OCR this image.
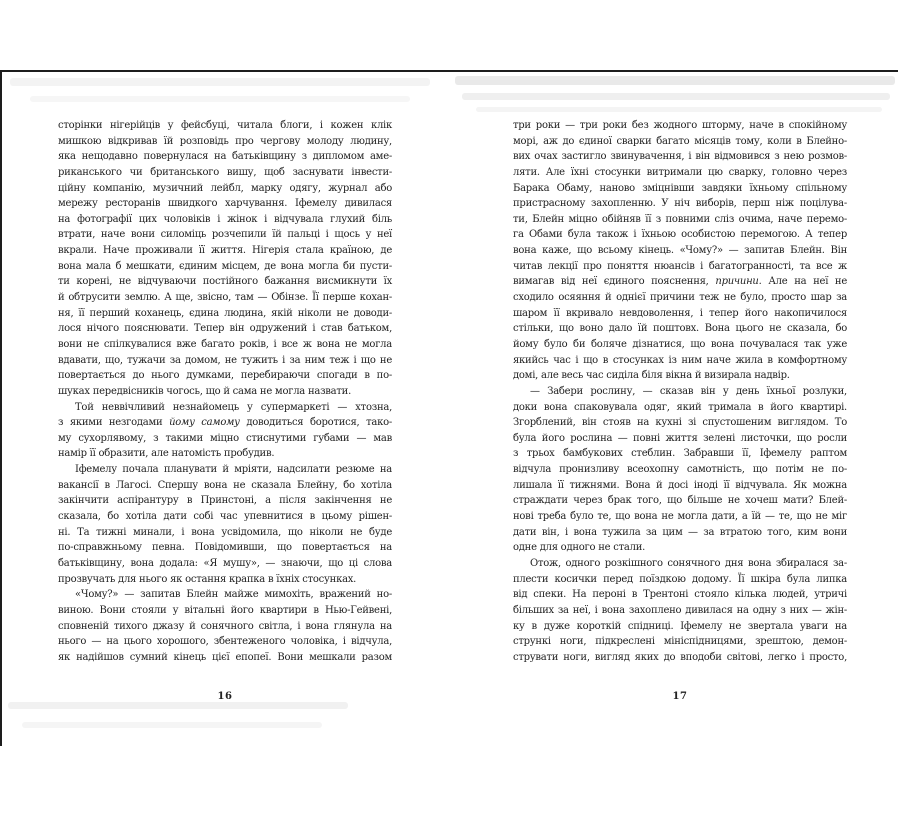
сторінки нігерійців у фейсбуці, читала блоги, і кожен клік
мишкою відкривав їй розповідь про чергову молоду людину,
яка нещодавно повернулася на батьківщину з дипломом аме-
риканського чи британського вишу, щоб заснувати інвести-
ційну компанію, музичний лейбл, марку одягу, журнал або
мережу ресторанів швидкого харчування. Іфемелу дивилася
на фотографії цих чоловіків і жінок і відчувала глухий біль
втрати, наче вони силоміць розчепили їй пальці і щось у неї
вкрали. Наче проживали її життя. Нігерія стала країною, де
вона мала б мешкати, єдиним місцем, де вона могла би пусти-
ти корені, не відчуваючи постійного бажання висмикнути їх
й обтрусити землю. А ще, звісно, там — Обінзе. Її перше кохан-
ня, її перший коханець, єдина людина, якій ніколи не доводи-
лося нічого пояснювати. Тепер він одружений і став батьком,
вони не спілкувалися вже багато років, і все ж вона не могла
вдавати, що, тужачи за домом, не тужить і за ним теж і що не
повертається до нього думками, перебираючи спогади в по-
шуках передвісників чогось, що й сама не могла назвати.
Той неввічливий незнайомець у супермаркеті — хтозна,
з якими незгодами йому самому доводиться боротися, тако-
му сухорлявому, з такими міцно стиснутими губами — мав
намір її образити, але натомість пробудив.
Іфемелу почала планувати й мріяти, надсилати резюме на
вакансії в Лагосі. Спершу вона не сказала Блейну, бо хотіла
закінчити аспірантуру в Принстоні, а після закінчення не
сказала, бо хотіла дати собі час упевнитися в цьому рішен-
ні. Та тижні минали, і вона усвідомила, що ніколи не буде
по-справжньому певна. Повідомивши, що повертається на
батьківщину, вона додала: «Я мушу», — знаючи, що ці слова
прозвучать для нього як остання крапка в їхніх стосунках.
«Чому?» — запитав Блейн майже мимохіть, вражений но-
виною. Вони стояли у вітальні його квартири в Нью-Гейвені,
сповненій тихого джазу й сонячного світла, і вона глянула на
нього — на цього хорошого, збентеженого чоловіка, і відчула,
як надійшов сумний кінець цієї епопеї. Вони мешкали разом
три роки — три роки без жодного шторму, наче в спокійному
морі, аж до єдиної сварки багато місяців тому, коли в Блейно-
вих очах застигло звинувачення, і він відмовився з нею розмов-
ляти. Але їхні стосунки витримали цю сварку, головно через
Барака Обаму, наново зміцнівши завдяки їхньому спільному
пристрасному захопленню. У ніч виборів, перш ніж поцілува-
ти, Блейн міцно обійняв її з повними сліз очима, наче перемо-
га Обами була також і їхньою особистою перемогою. А тепер
вона каже, що всьому кінець. «Чому?» — запитав Блейн. Він
читав лекції про поняття нюансів і багатогранності, та все ж
вимагав від неї єдиного пояснення, причини. Але на неї не
сходило осяяння й однієї причини теж не було, просто шар за
шаром її вкривало невдоволення, і тепер його накопичилося
стільки, що воно дало їй поштовх. Вона цього не сказала, бо
йому було би боляче дізнатися, що вона почувалася так уже
якийсь час і що в стосунках із ним наче жила в комфортному
домі, але весь час сиділа біля вікна й визирала надвір.
— Забери рослину, — сказав він у день їхньої розлуки,
доки вона спаковувала одяг, який тримала в його квартирі.
Згорблений, він стояв на кухні зі спустошеним виглядом. То
була його рослина — повні життя зелені листочки, що росли
з трьох бамбукових стеблин. Забравши її, Іфемелу раптом
відчула пронизливу всеохопну самотність, що потім не по-
лишала її тижнями. Вона й досі іноді її відчувала. Як можна
страждати через брак того, що більше не хочеш мати? Блей-
нові треба було те, що вона не могла дати, а їй — те, що не міг
дати він, і вона тужила за цим — за втратою того, ким вони
одне для одного не стали.
Отож, одного розкішного сонячного дня вона збиралася за-
плести косички перед поїздкою додому. Її шкіра була липка
від спеки. На пероні в Трентоні стояло кілька людей, утричі
більших за неї, і вона захоплено дивилася на одну з них — жін-
ку в дуже короткій спідниці. Іфемелу не звертала уваги на
стрункі ноги, підкреслені мініспідницями, зрештою, демон-
струвати ноги, вигляд яких до вподоби світові, легко і просто,
16	17
